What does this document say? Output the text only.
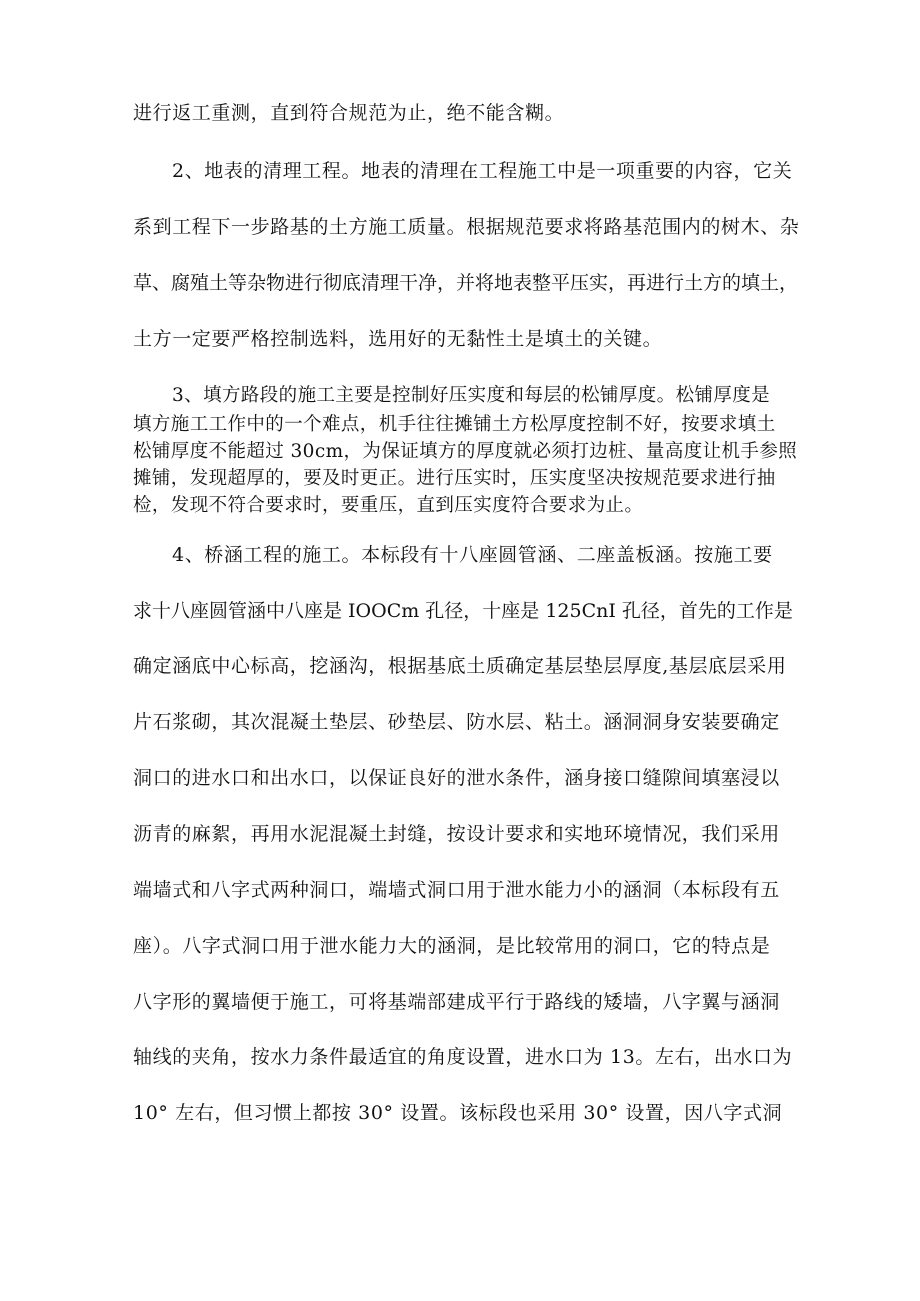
进行返工重测，直到符合规范为止，绝不能含糊。
2、地表的清理工程。地表的清理在工程施工中是一项重要的内容，它关
系到工程下一步路基的土方施工质量。根据规范要求将路基范围内的树木、杂
草、腐殖土等杂物进行彻底清理干净，并将地表整平压实，再进行土方的填土，
土方一定要严格控制选料，选用好的无黏性土是填土的关键。
3、填方路段的施工主要是控制好压实度和每层的松铺厚度。松铺厚度是
填方施工工作中的一个难点，机手往往摊铺土方松厚度控制不好，按要求填土
松铺厚度不能超过 30cm，为保证填方的厚度就必须打边桩、量高度让机手参照
摊铺，发现超厚的，要及时更正。进行压实时，压实度坚决按规范要求进行抽
检，发现不符合要求时，要重压，直到压实度符合要求为止。
4、桥涵工程的施工。本标段有十八座圆管涵、二座盖板涵。按施工要
求十八座圆管涵中八座是 IOOCm 孔径，十座是 125CnI 孔径，首先的工作是
确定涵底中心标高，挖涵沟，根据基底土质确定基层垫层厚度,基层底层采用
片石浆砌，其次混凝土垫层、砂垫层、防水层、粘土。涵洞洞身安装要确定
洞口的进水口和出水口，以保证良好的泄水条件，涵身接口缝隙间填塞浸以
沥青的麻絮，再用水泥混凝土封缝，按设计要求和实地环境情况，我们采用
端墙式和八字式两种洞口，端墙式洞口用于泄水能力小的涵洞（本标段有五
座）。八字式洞口用于泄水能力大的涵洞，是比较常用的洞口，它的特点是
八字形的翼墙便于施工，可将基端部建成平行于路线的矮墙，八字翼与涵洞
轴线的夹角，按水力条件最适宜的角度设置，进水口为 13。左右，出水口为
10° 左右，但习惯上都按 30° 设置。该标段也采用 30° 设置，因八字式洞
